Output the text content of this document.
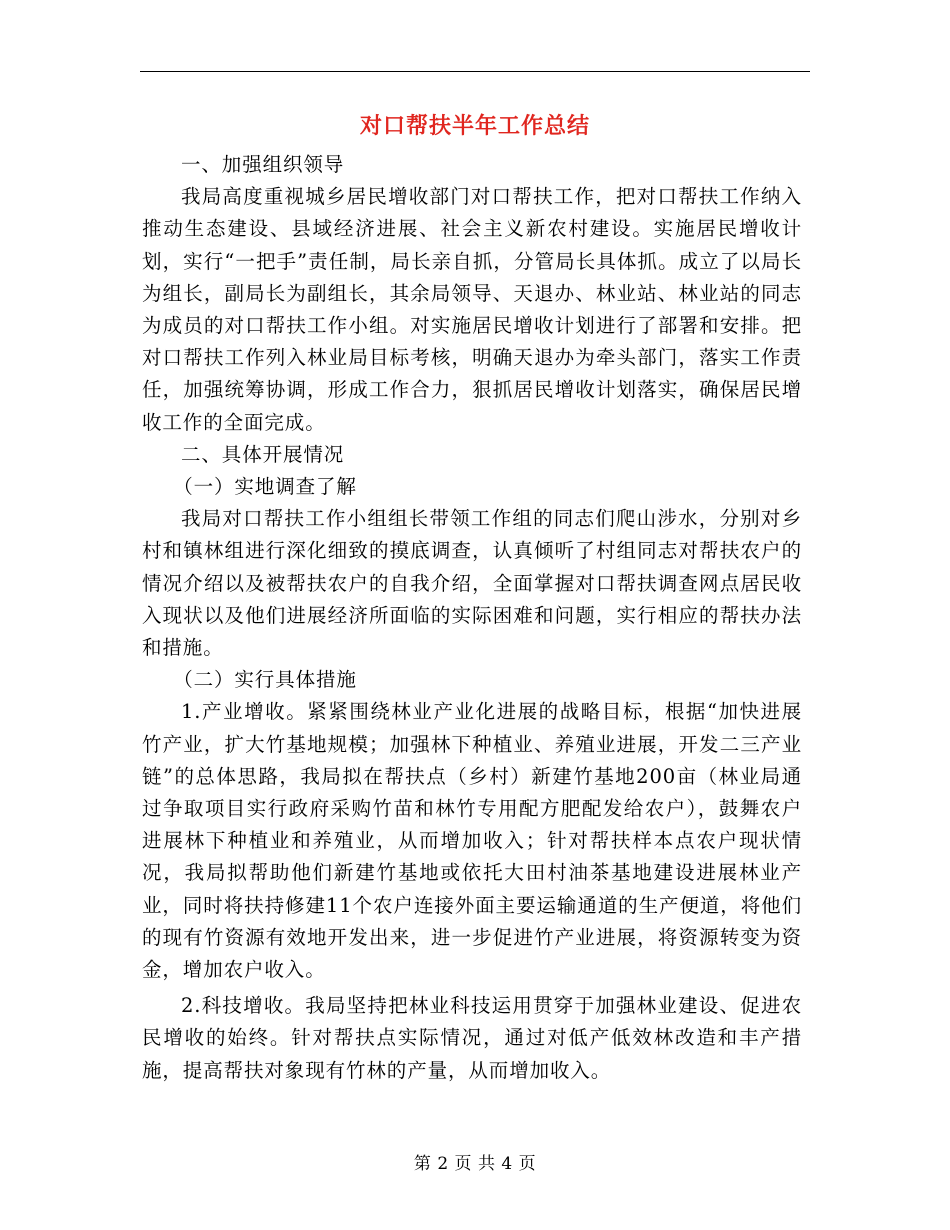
对口帮扶半年工作总结

一、加强组织领导

我局高度重视城乡居民增收部门对口帮扶工作，把对口帮扶工作纳入推动生态建设、县域经济进展、社会主义新农村建设。实施居民增收计划，实行“一把手”责任制，局长亲自抓，分管局长具体抓。成立了以局长为组长，副局长为副组长，其余局领导、天退办、林业站、林业站的同志为成员的对口帮扶工作小组。对实施居民增收计划进行了部署和安排。把对口帮扶工作列入林业局目标考核，明确天退办为牵头部门，落实工作责任，加强统筹协调，形成工作合力，狠抓居民增收计划落实，确保居民增收工作的全面完成。

二、具体开展情况

（一）实地调查了解

我局对口帮扶工作小组组长带领工作组的同志们爬山涉水，分别对乡村和镇林组进行深化细致的摸底调查，认真倾听了村组同志对帮扶农户的情况介绍以及被帮扶农户的自我介绍，全面掌握对口帮扶调查网点居民收入现状以及他们进展经济所面临的实际困难和问题，实行相应的帮扶办法和措施。

（二）实行具体措施

1.产业增收。紧紧围绕林业产业化进展的战略目标，根据“加快进展竹产业，扩大竹基地规模；加强林下种植业、养殖业进展，开发二三产业链”的总体思路，我局拟在帮扶点（乡村）新建竹基地200亩（林业局通过争取项目实行政府采购竹苗和林竹专用配方肥配发给农户），鼓舞农户进展林下种植业和养殖业，从而增加收入；针对帮扶样本点农户现状情况，我局拟帮助他们新建竹基地或依托大田村油茶基地建设进展林业产业，同时将扶持修建11个农户连接外面主要运输通道的生产便道，将他们的现有竹资源有效地开发出来，进一步促进竹产业进展，将资源转变为资金，增加农户收入。

2.科技增收。我局坚持把林业科技运用贯穿于加强林业建设、促进农民增收的始终。针对帮扶点实际情况，通过对低产低效林改造和丰产措施，提高帮扶对象现有竹林的产量，从而增加收入。

第 2 页 共 4 页
